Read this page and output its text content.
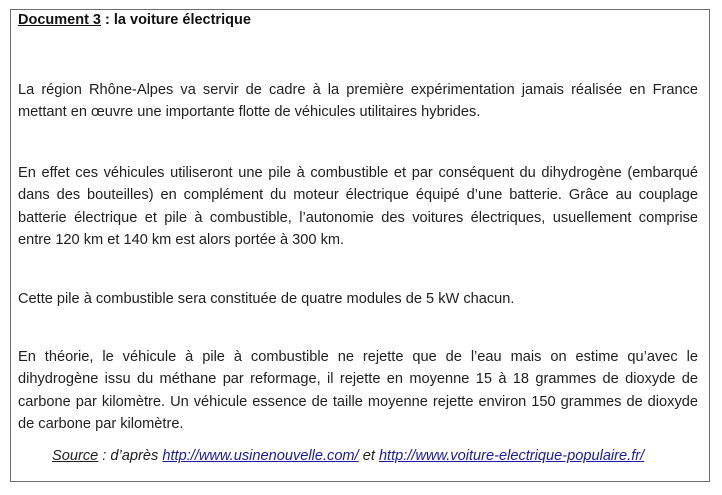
Document 3 : la voiture électrique

La région Rhône-Alpes va servir de cadre à la première expérimentation jamais réalisée en France mettant en œuvre une importante flotte de véhicules utilitaires hybrides.

En effet ces véhicules utiliseront une pile à combustible et par conséquent du dihydrogène (embarqué dans des bouteilles) en complément du moteur électrique équipé d’une batterie. Grâce au couplage batterie électrique et pile à combustible, l’autonomie des voitures électriques, usuellement comprise entre 120 km et 140 km est alors portée à 300 km.

Cette pile à combustible sera constituée de quatre modules de 5 kW chacun.

En théorie, le véhicule à pile à combustible ne rejette que de l’eau mais on estime qu’avec le dihydrogène issu du méthane par reformage, il rejette en moyenne 15 à 18 grammes de dioxyde de carbone par kilomètre. Un véhicule essence de taille moyenne rejette environ 150 grammes de dioxyde de carbone par kilomètre.

Source : d’après http://www.usinenouvelle.com/ et http://www.voiture-electrique-populaire.fr/
